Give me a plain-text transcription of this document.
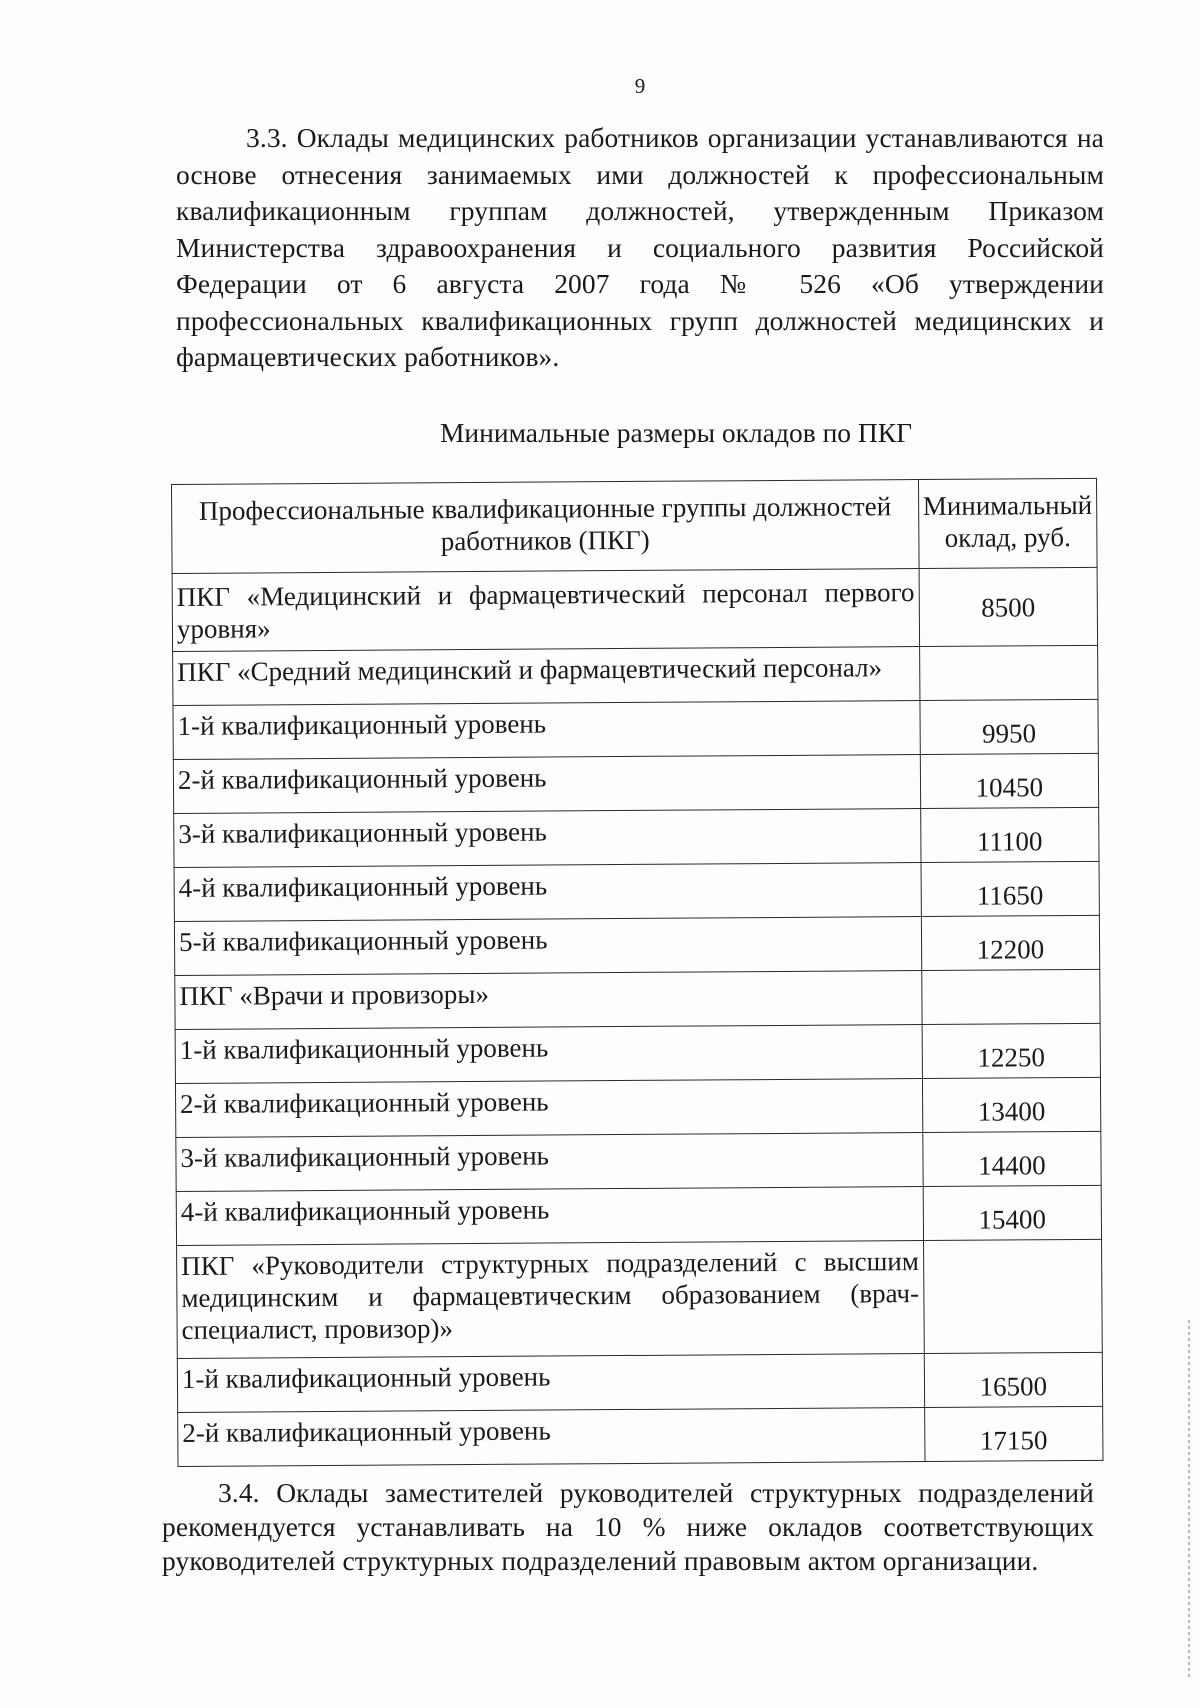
9
3.3. Оклады медицинских работников организации устанавливаются на основе отнесения занимаемых ими должностей к профессиональным квалификационным группам должностей, утвержденным Приказом Министерства здравоохранения и социального развития Российской Федерации от 6 августа 2007 года № 526 «Об утверждении профессиональных квалификационных групп должностей медицинских и фармацевтических работников».
Минимальные размеры окладов по ПКГ
Профессиональные квалификационные группы должностей работников (ПКГ)	Минимальный оклад, руб.
ПКГ «Медицинский и фармацевтический персонал первого уровня»	8500
ПКГ «Средний медицинский и фармацевтический персонал»	
1-й квалификационный уровень	9950
2-й квалификационный уровень	10450
3-й квалификационный уровень	11100
4-й квалификационный уровень	11650
5-й квалификационный уровень	12200
ПКГ «Врачи и провизоры»	
1-й квалификационный уровень	12250
2-й квалификационный уровень	13400
3-й квалификационный уровень	14400
4-й квалификационный уровень	15400
ПКГ «Руководители структурных подразделений с высшим медицинским и фармацевтическим образованием (врач-специалист, провизор)»	
1-й квалификационный уровень	16500
2-й квалификационный уровень	17150
3.4. Оклады заместителей руководителей структурных подразделений рекомендуется устанавливать на 10 % ниже окладов соответствующих руководителей структурных подразделений правовым актом организации.
